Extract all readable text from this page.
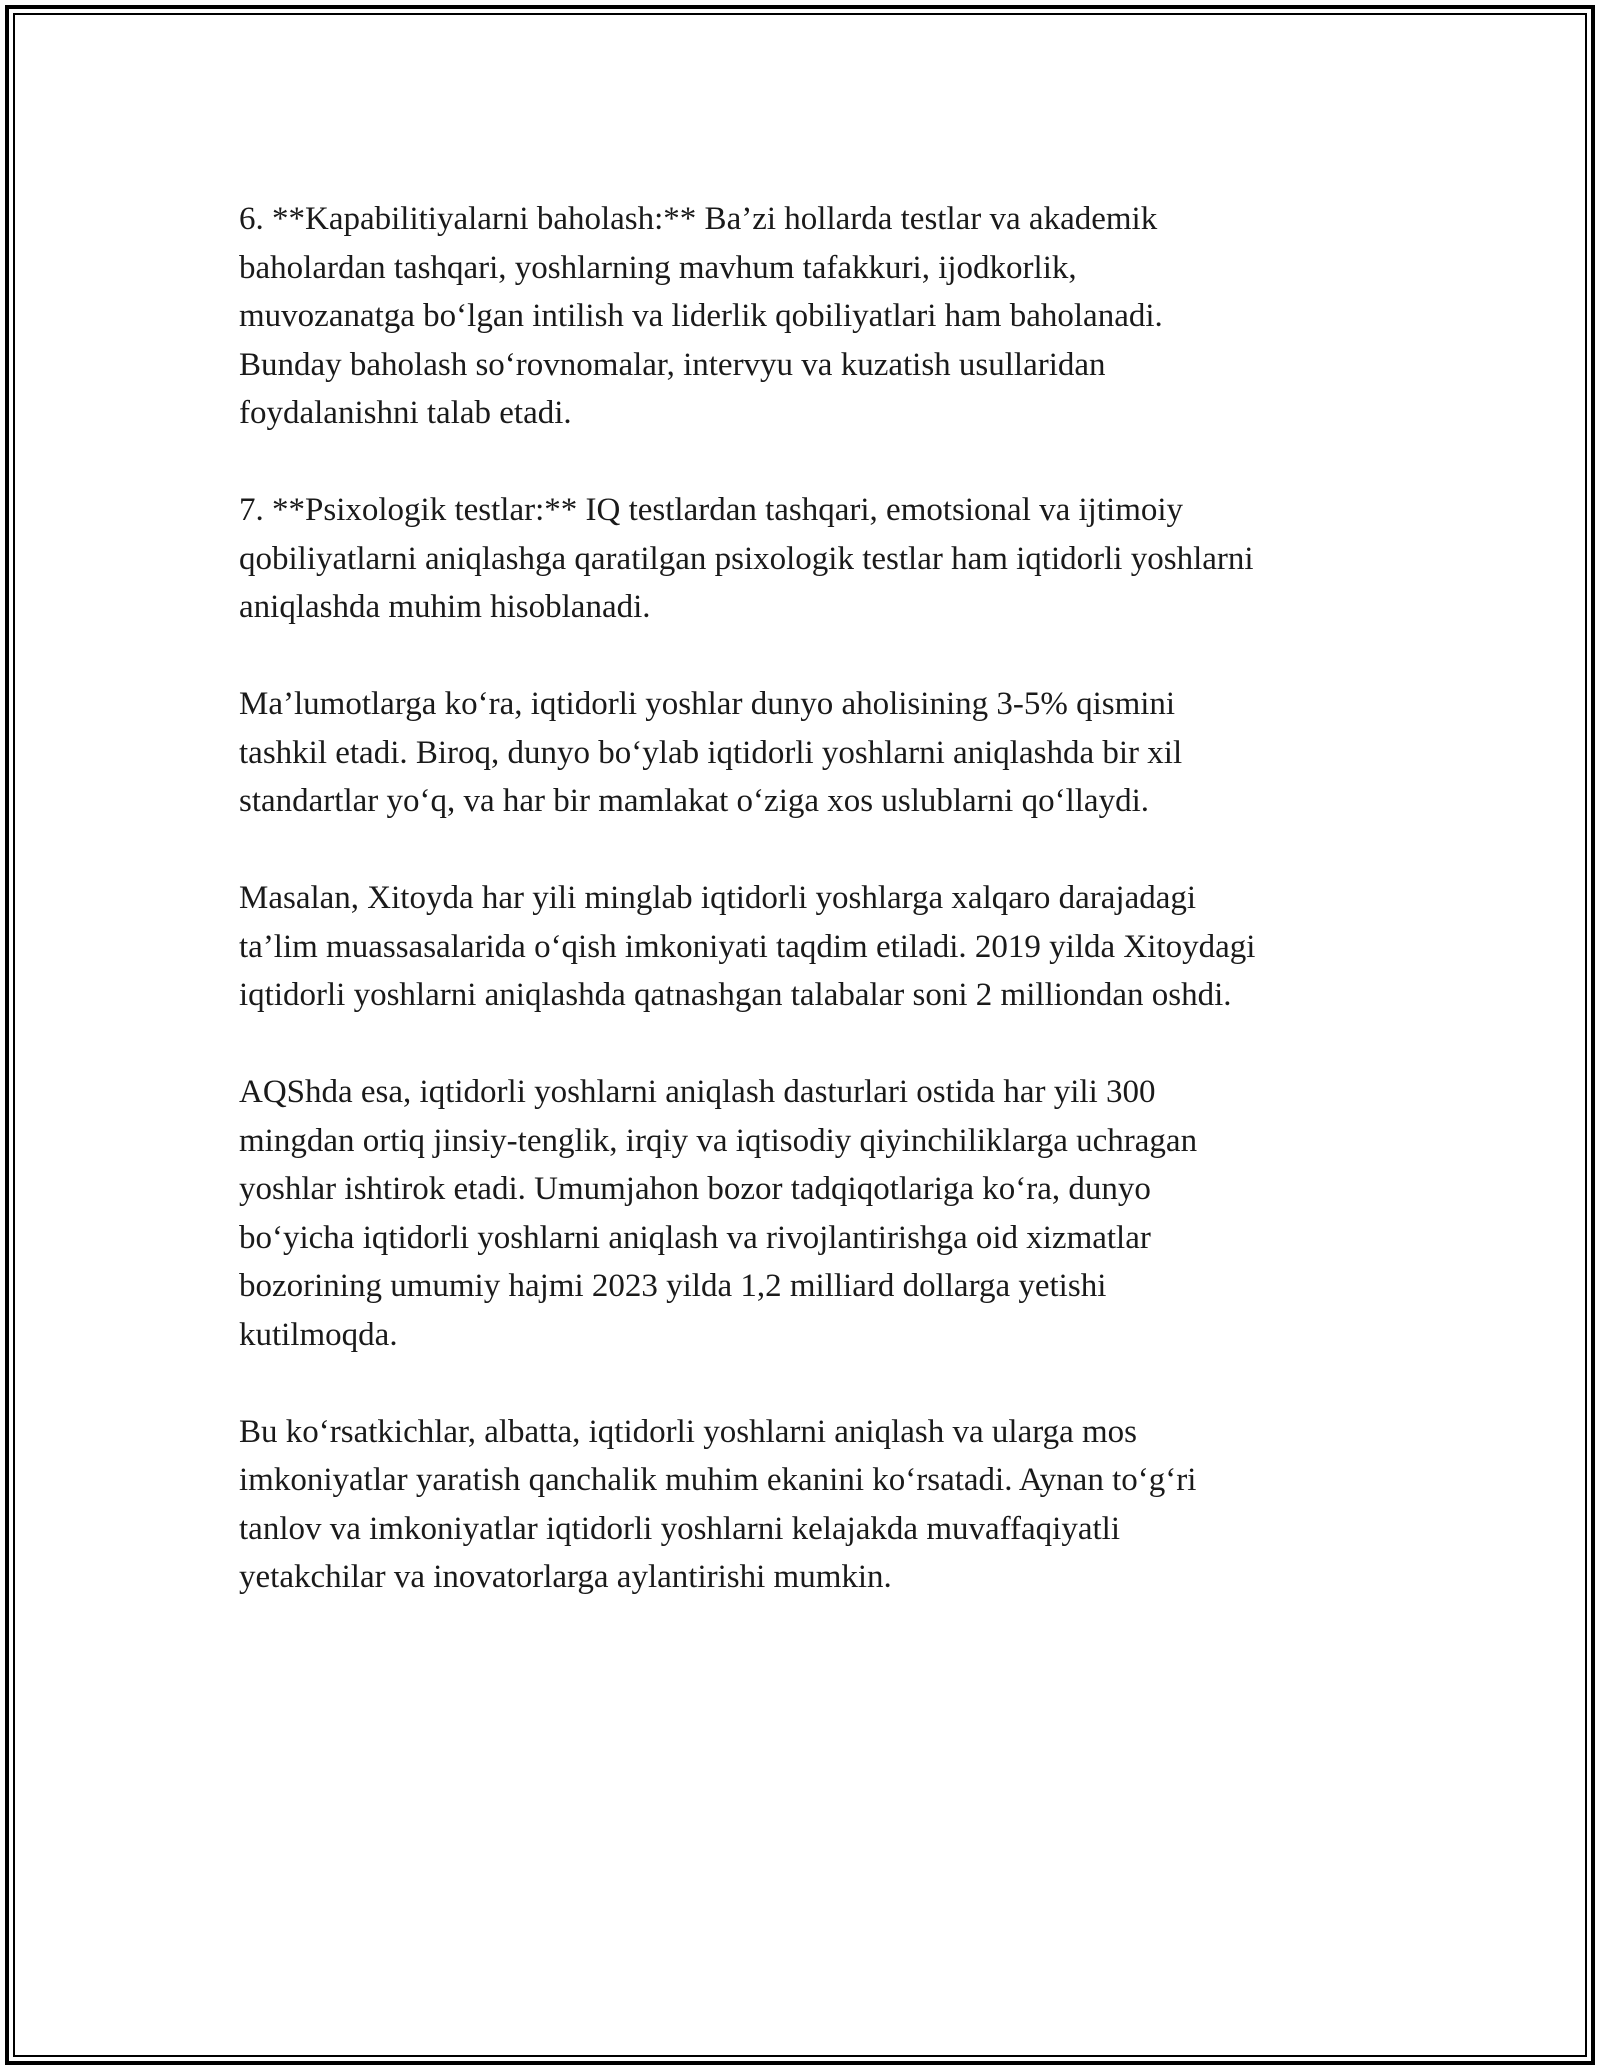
6. **Kapabilitiyalarni baholash:** Ba’zi hollarda testlar va akademik
baholardan tashqari, yoshlarning mavhum tafakkuri, ijodkorlik,
muvozanatga bo‘lgan intilish va liderlik qobiliyatlari ham baholanadi.
Bunday baholash so‘rovnomalar, intervyu va kuzatish usullaridan
foydalanishni talab etadi.

7. **Psixologik testlar:** IQ testlardan tashqari, emotsional va ijtimoiy
qobiliyatlarni aniqlashga qaratilgan psixologik testlar ham iqtidorli yoshlarni
aniqlashda muhim hisoblanadi.

Ma’lumotlarga ko‘ra, iqtidorli yoshlar dunyo aholisining 3-5% qismini
tashkil etadi. Biroq, dunyo bo‘ylab iqtidorli yoshlarni aniqlashda bir xil
standartlar yo‘q, va har bir mamlakat o‘ziga xos uslublarni qo‘llaydi.

Masalan, Xitoyda har yili minglab iqtidorli yoshlarga xalqaro darajadagi
ta’lim muassasalarida o‘qish imkoniyati taqdim etiladi. 2019 yilda Xitoydagi
iqtidorli yoshlarni aniqlashda qatnashgan talabalar soni 2 milliondan oshdi.

AQShda esa, iqtidorli yoshlarni aniqlash dasturlari ostida har yili 300
mingdan ortiq jinsiy-tenglik, irqiy va iqtisodiy qiyinchiliklarga uchragan
yoshlar ishtirok etadi. Umumjahon bozor tadqiqotlariga ko‘ra, dunyo
bo‘yicha iqtidorli yoshlarni aniqlash va rivojlantirishga oid xizmatlar
bozorining umumiy hajmi 2023 yilda 1,2 milliard dollarga yetishi
kutilmoqda.

Bu ko‘rsatkichlar, albatta, iqtidorli yoshlarni aniqlash va ularga mos
imkoniyatlar yaratish qanchalik muhim ekanini ko‘rsatadi. Aynan to‘g‘ri
tanlov va imkoniyatlar iqtidorli yoshlarni kelajakda muvaffaqiyatli
yetakchilar va inovatorlarga aylantirishi mumkin.
